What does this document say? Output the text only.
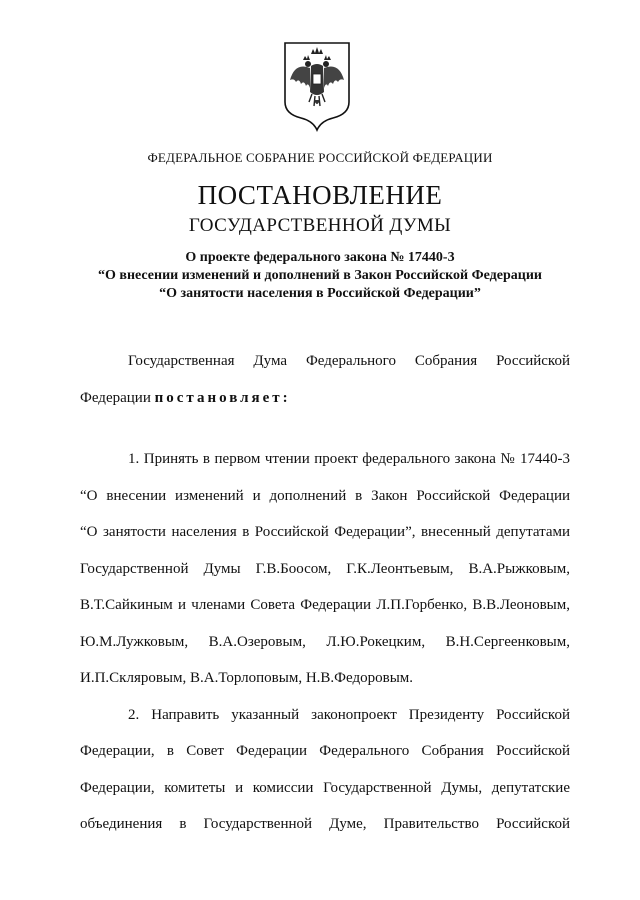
ФЕДЕРАЛЬНОЕ СОБРАНИЕ РОССИЙСКОЙ ФЕДЕРАЦИИ
ПОСТАНОВЛЕНИЕ
ГОСУДАРСТВЕННОЙ ДУМЫ
О проекте федерального закона № 17440-3
“О внесении изменений и дополнений в Закон Российской Федерации
“О занятости населения в Российской Федерации”

Государственная Дума Федерального Собрания Российской

Федерации постановляет:

1. Принять в первом чтении проект федерального закона № 17440-3

“О внесении изменений и дополнений в Закон Российской Федерации

“О занятости населения в Российской Федерации”, внесенный депутатами

Государственной Думы Г.В.Боосом, Г.К.Леонтьевым, В.А.Рыжковым,

В.Т.Сайкиным и членами Совета Федерации Л.П.Горбенко, В.В.Леоновым,

Ю.М.Лужковым, В.А.Озеровым, Л.Ю.Рокецким, В.Н.Сергеенковым,

И.П.Скляровым, В.А.Торлоповым, Н.В.Федоровым.

2. Направить указанный законопроект Президенту Российской

Федерации, в Совет Федерации Федерального Собрания Российской

Федерации, комитеты и комиссии Государственной Думы, депутатские

объединения в Государственной Думе, Правительство Российской
